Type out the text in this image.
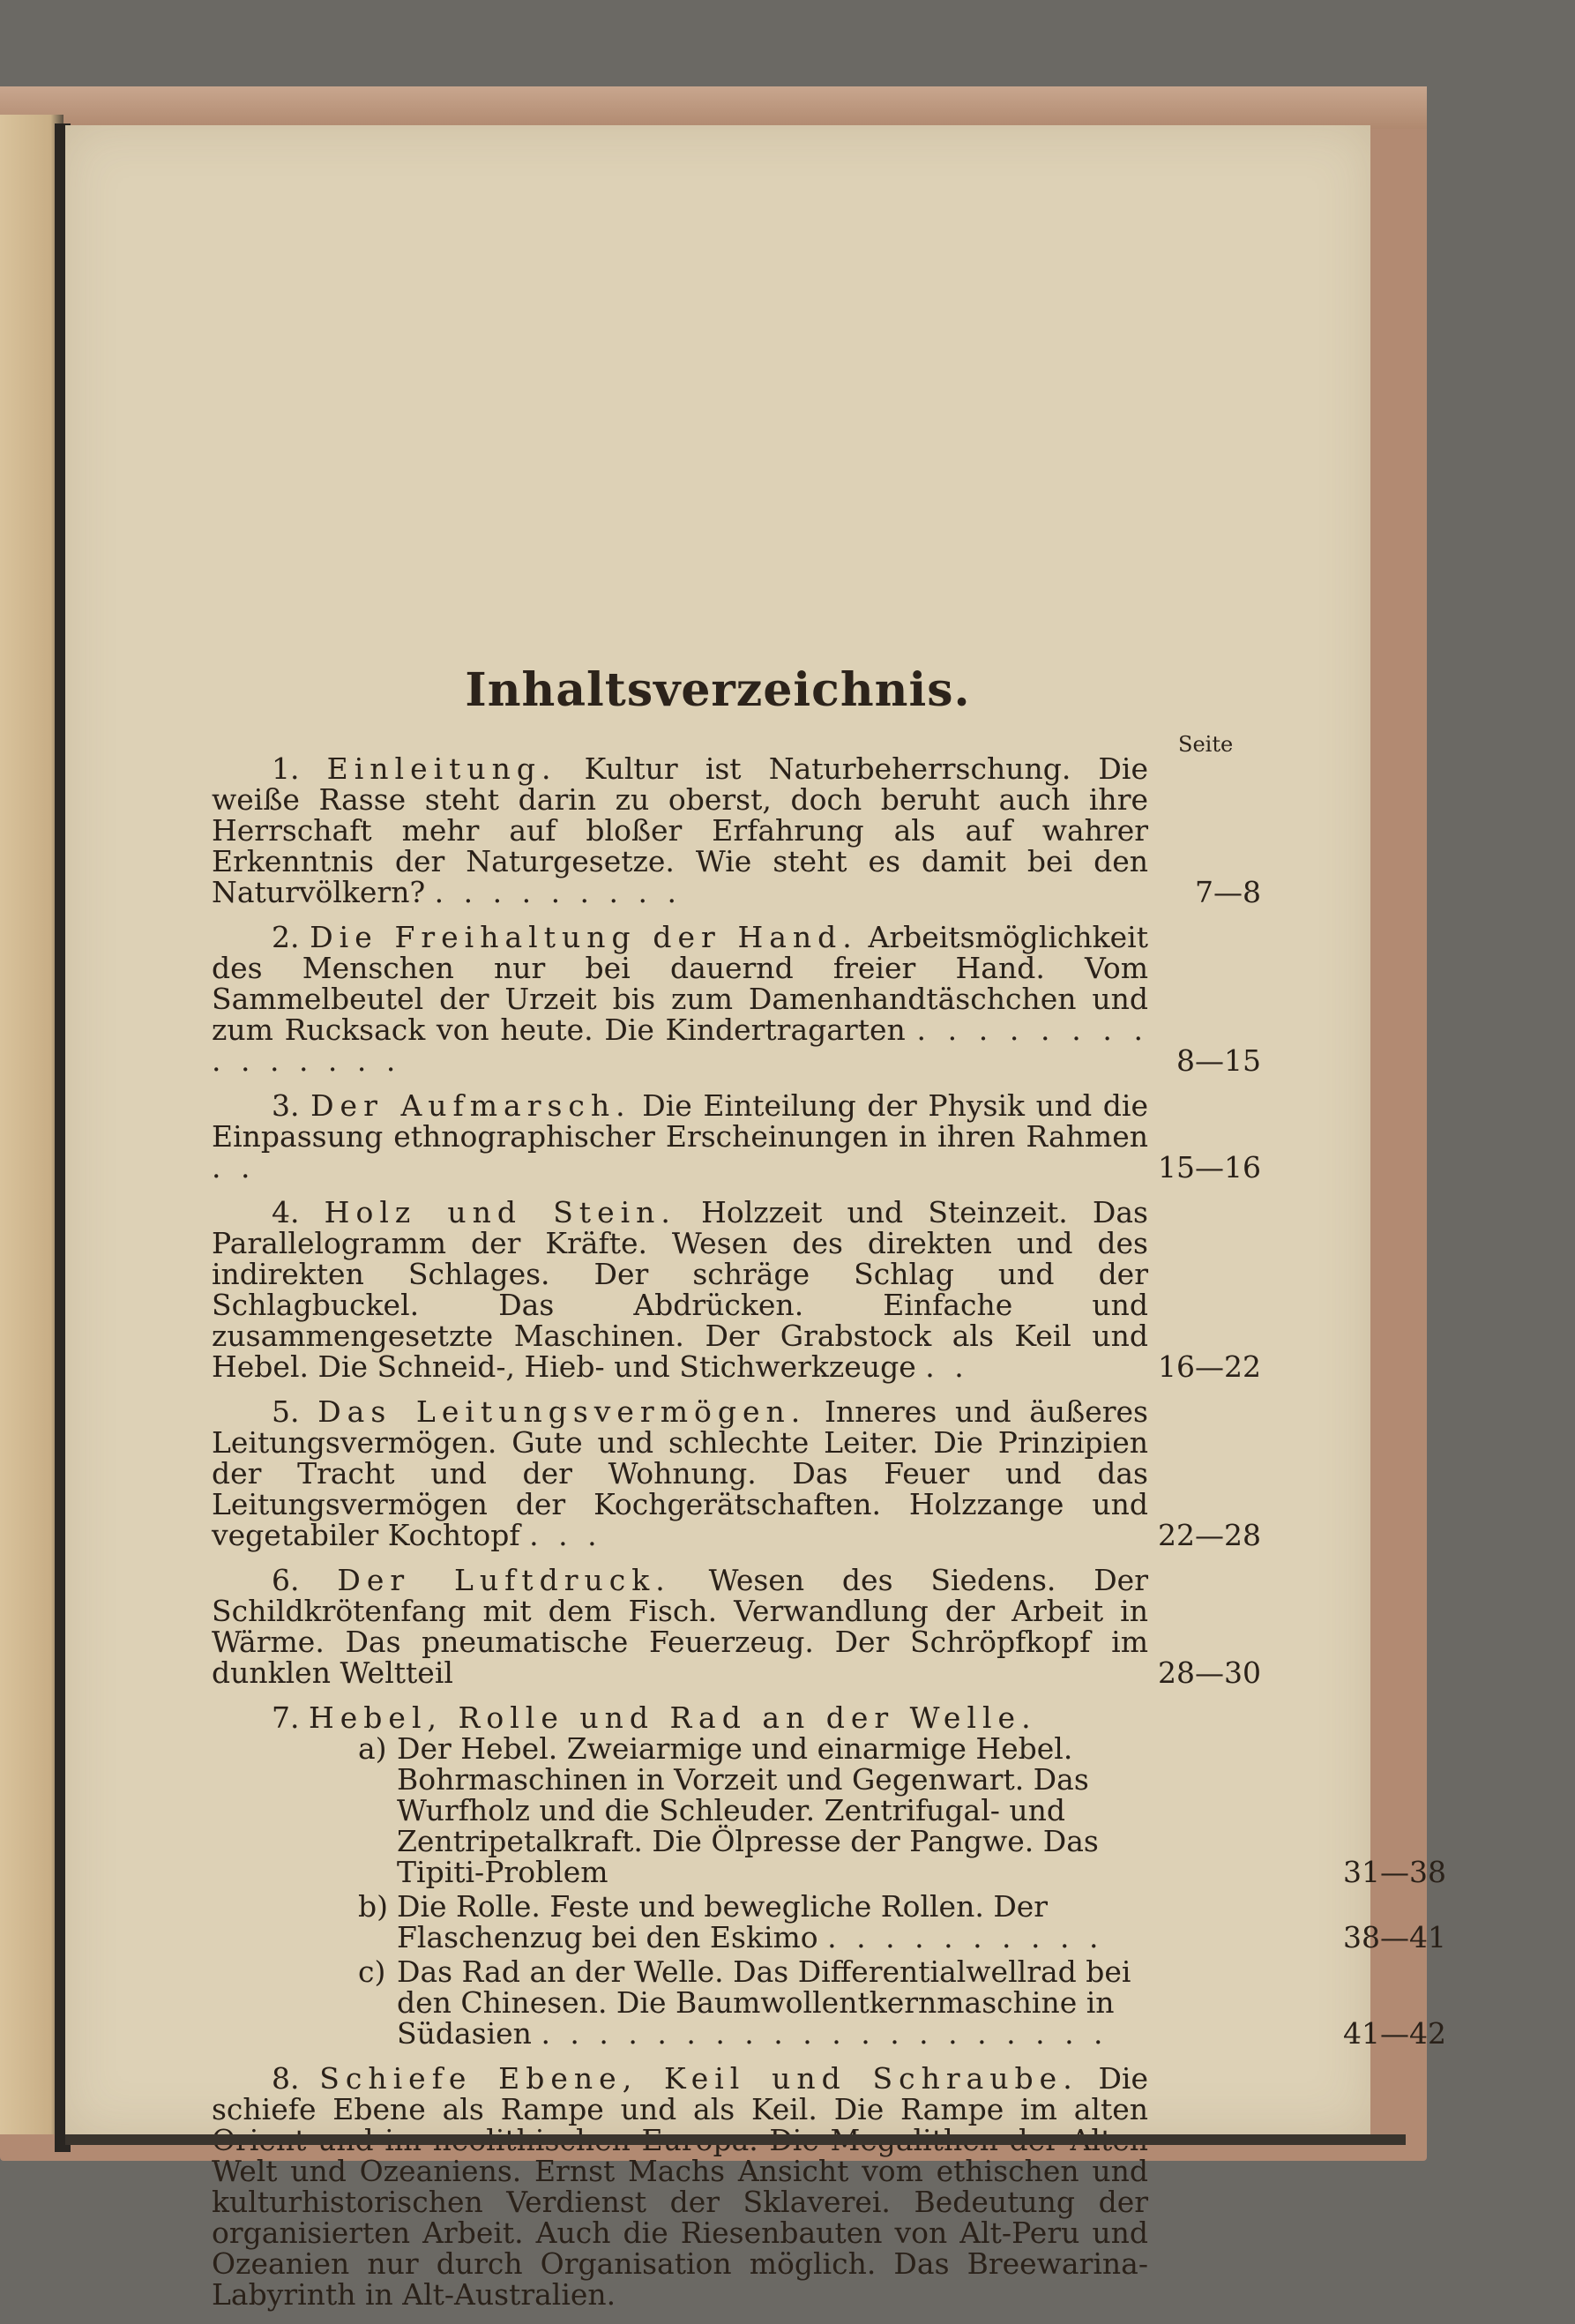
Inhaltsverzeichnis.
Seite
1. Einleitung. Kultur ist Naturbeherrschung. Die weiße Rasse steht darin zu oberst, doch beruht auch ihre Herrschaft mehr auf bloßer Erfahrung als auf wahrer Erkenntnis der Naturgesetze. Wie steht es damit bei den Naturvölkern? . . . . . . . . .	7—8
2. Die Freihaltung der Hand. Arbeitsmöglichkeit des Menschen nur bei dauernd freier Hand. Vom Sammelbeutel der Urzeit bis zum Damenhandtäschchen und zum Rucksack von heute. Die Kindertragarten . . . . . . . . . . . . . . .	8—15
3. Der Aufmarsch. Die Einteilung der Physik und die Einpassung ethnographischer Erscheinungen in ihren Rahmen . .	15—16
4. Holz und Stein. Holzzeit und Steinzeit. Das Parallelogramm der Kräfte. Wesen des direkten und des indirekten Schlages. Der schräge Schlag und der Schlagbuckel. Das Abdrücken. Einfache und zusammengesetzte Maschinen. Der Grabstock als Keil und Hebel. Die Schneid-, Hieb- und Stichwerkzeuge . .	16—22
5. Das Leitungsvermögen. Inneres und äußeres Leitungsvermögen. Gute und schlechte Leiter. Die Prinzipien der Tracht und der Wohnung. Das Feuer und das Leitungsvermögen der Kochgerätschaften. Holzzange und vegetabiler Kochtopf . . .	22—28
6. Der Luftdruck. Wesen des Siedens. Der Schildkrötenfang mit dem Fisch. Verwandlung der Arbeit in Wärme. Das pneumatische Feuerzeug. Der Schröpfkopf im dunklen Weltteil	28—30
7. Hebel, Rolle und Rad an der Welle.
a) Der Hebel. Zweiarmige und einarmige Hebel. Bohrmaschinen in Vorzeit und Gegenwart. Das Wurfholz und die Schleuder. Zentrifugal- und Zentripetalkraft. Die Ölpresse der Pangwe. Das Tipiti-Problem	31—38
b) Die Rolle. Feste und bewegliche Rollen. Der Flaschenzug bei den Eskimo . . . . . . . . . .	38—41
c) Das Rad an der Welle. Das Differentialwellrad bei den Chinesen. Die Baumwollentkernmaschine in Südasien . . . . . . . . . . . . . . . . . . . .	41—42
8. Schiefe Ebene, Keil und Schraube. Die schiefe Ebene als Rampe und als Keil. Die Rampe im alten Welt und Ozeaniens. Ernst Machs Ansicht vom ethischen und kulturhistorischen Verdienst der Sklaverei. Bedeutung der organisierten Arbeit. Auch die Riesenbauten von Alt-Peru und Ozeanien nur durch Organisation möglich. Das Breewarina-Labyrinth in Alt-Australien.
